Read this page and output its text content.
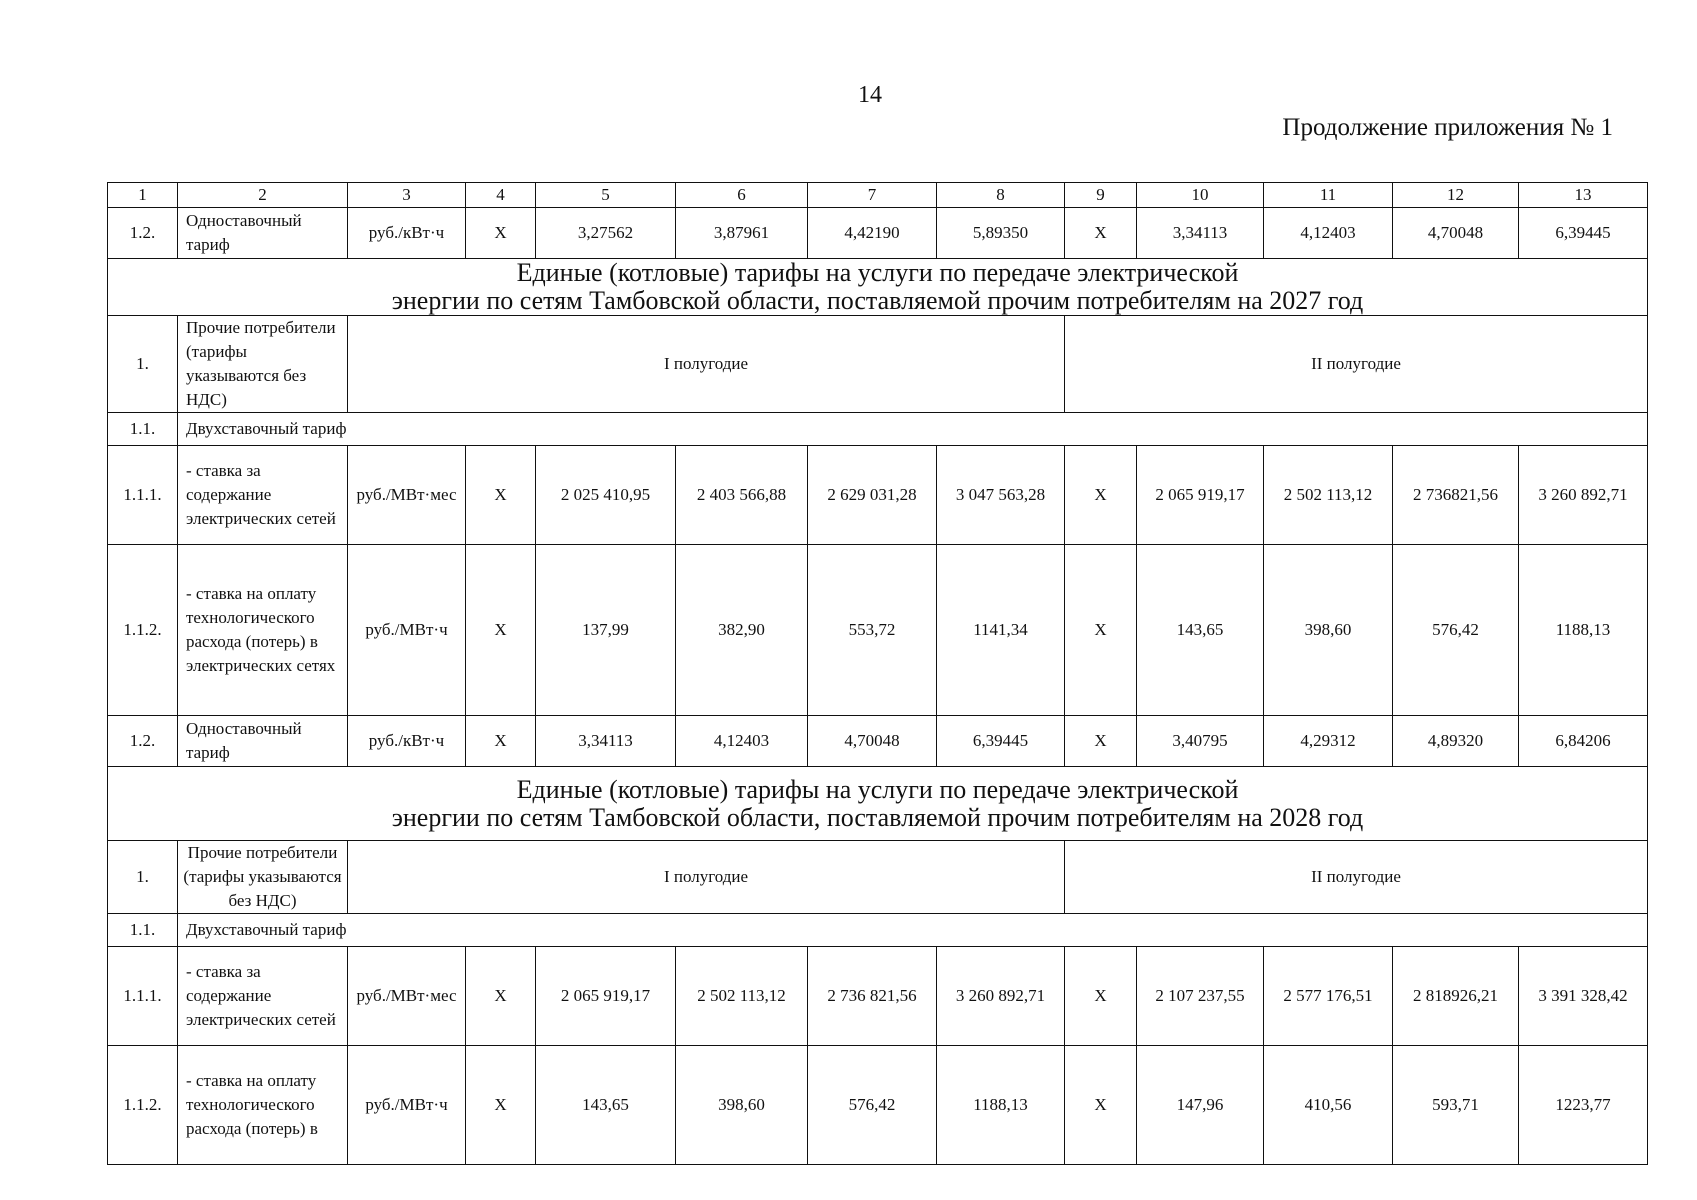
14
Продолжение приложения № 1
1	2	3	4	5	6	7	8	9	10	11	12	13
1.2.	Одноставочный тариф	руб./кВт·ч	X	3,27562	3,87961	4,42190	5,89350	X	3,34113	4,12403	4,70048	6,39445

Единые (котловые) тарифы на услуги по передаче электрической
энергии по сетям Тамбовской области, поставляемой прочим потребителям на 2027 год												

1.	Прочие потребители (тарифы указываются без НДС)	I полугодие						II полугодие				
1.1.	Двухставочный тариф											
1.1.1.	- ставка за содержание электрических сетей	руб./МВт·мес	X	2 025 410,95	2 403 566,88	2 629 031,28	3 047 563,28	X	2 065 919,17	2 502 113,12	2 736821,56	3 260 892,71
1.1.2.	- ставка на оплату технологического расхода (потерь) в электрических сетях	руб./МВт·ч	X	137,99	382,90	553,72	1141,34	X	143,65	398,60	576,42	1188,13
1.2.	Одноставочный тариф	руб./кВт·ч	X	3,34113	4,12403	4,70048	6,39445	X	3,40795	4,29312	4,89320	6,84206

Единые (котловые) тарифы на услуги по передаче электрической
энергии по сетям Тамбовской области, поставляемой прочим потребителям на 2028 год												

1.	Прочие потребители (тарифы указываются без НДС)	I полугодие						II полугодие				
1.1.	Двухставочный тариф											
1.1.1.	- ставка за содержание электрических сетей	руб./МВт·мес	X	2 065 919,17	2 502 113,12	2 736 821,56	3 260 892,71	X	2 107 237,55	2 577 176,51	2 818926,21	3 391 328,42
1.1.2.	- ставка на оплату технологического расхода (потерь) в	руб./МВт·ч	X	143,65	398,60	576,42	1188,13	X	147,96	410,56	593,71	1223,77
